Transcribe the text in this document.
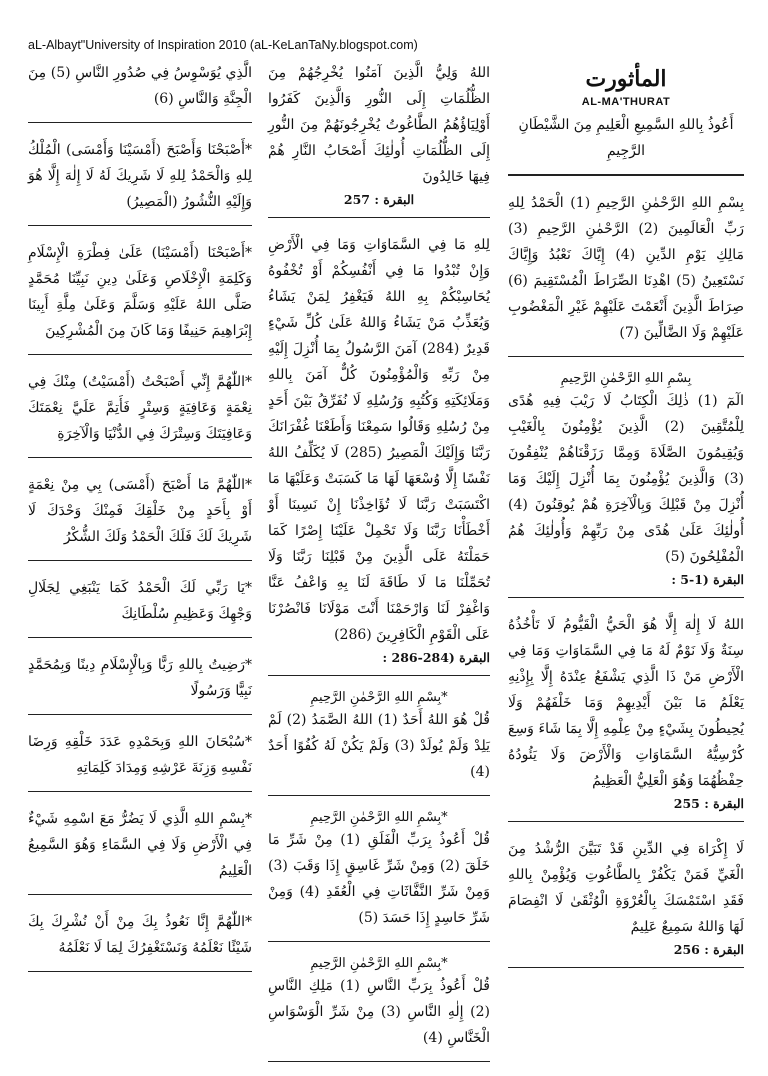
aL-Albayt"University of Inspiration 2010 (aL-KeLanTaNy.blogspot.com)
المأثورت
AL-MA'THURAT
أَعُوذُ بِاللهِ السَّمِيعِ الْعَلِيمِ مِنَ الشَّيْطَانِ الرَّجِيمِ
بِسْمِ اللهِ الرَّحْمٰنِ الرَّحِيمِ (1) الْحَمْدُ لِلهِ رَبِّ الْعَالَمِينَ (2) الرَّحْمٰنِ الرَّحِيمِ (3) مَالِكِ يَوْمِ الدِّينِ (4) إِيَّاكَ نَعْبُدُ وَإِيَّاكَ نَسْتَعِينُ (5) اهْدِنَا الصِّرَاطَ الْمُسْتَقِيمَ (6) صِرَاطَ الَّذِينَ أَنْعَمْتَ عَلَيْهِمْ غَيْرِ الْمَغْضُوبِ عَلَيْهِمْ وَلَا الضَّالِّينَ (7)
بِسْمِ اللهِ الرَّحْمٰنِ الرَّحِيمِ
الٓمٓ (1) ذٰلِكَ الْكِتَابُ لَا رَيْبَ فِيهِ هُدًى لِلْمُتَّقِينَ (2) الَّذِينَ يُؤْمِنُونَ بِالْغَيْبِ وَيُقِيمُونَ الصَّلَاةَ وَمِمَّا رَزَقْنَاهُمْ يُنْفِقُونَ (3) وَالَّذِينَ يُؤْمِنُونَ بِمَا أُنْزِلَ إِلَيْكَ وَمَا أُنْزِلَ مِنْ قَبْلِكَ وَبِالْآخِرَةِ هُمْ يُوقِنُونَ (4) أُولٰئِكَ عَلَىٰ هُدًى مِنْ رَبِّهِمْ وَأُولٰئِكَ هُمُ الْمُفْلِحُونَ (5)
البقرة (1-5 :
اللهُ لَا إِلٰهَ إِلَّا هُوَ الْحَيُّ الْقَيُّومُ لَا تَأْخُذُهُ سِنَةٌ وَلَا نَوْمٌ لَهُ مَا فِي السَّمَاوَاتِ وَمَا فِي الْأَرْضِ مَنْ ذَا الَّذِي يَشْفَعُ عِنْدَهُ إِلَّا بِإِذْنِهِ يَعْلَمُ مَا بَيْنَ أَيْدِيهِمْ وَمَا خَلْفَهُمْ وَلَا يُحِيطُونَ بِشَيْءٍ مِنْ عِلْمِهِ إِلَّا بِمَا شَاءَ وَسِعَ كُرْسِيُّهُ السَّمَاوَاتِ وَالْأَرْضَ وَلَا يَئُودُهُ حِفْظُهُمَا وَهُوَ الْعَلِيُّ الْعَظِيمُ
البقرة : 255
لَا إِكْرَاهَ فِي الدِّينِ قَدْ تَبَيَّنَ الرُّشْدُ مِنَ الْغَيِّ فَمَنْ يَكْفُرْ بِالطَّاغُوتِ وَيُؤْمِنْ بِاللهِ فَقَدِ اسْتَمْسَكَ بِالْعُرْوَةِ الْوُثْقَىٰ لَا انْفِصَامَ لَهَا وَاللهُ سَمِيعٌ عَلِيمٌ
البقرة : 256
اللهُ وَلِيُّ الَّذِينَ آمَنُوا يُخْرِجُهُمْ مِنَ الظُّلُمَاتِ إِلَى النُّورِ وَالَّذِينَ كَفَرُوا أَوْلِيَاؤُهُمُ الطَّاغُوتُ يُخْرِجُونَهُمْ مِنَ النُّورِ إِلَى الظُّلُمَاتِ أُولٰئِكَ أَصْحَابُ النَّارِ هُمْ فِيهَا خَالِدُونَ
البقرة : 257
لِلهِ مَا فِي السَّمَاوَاتِ وَمَا فِي الْأَرْضِ وَإِنْ تُبْدُوا مَا فِي أَنْفُسِكُمْ أَوْ تُخْفُوهُ يُحَاسِبْكُمْ بِهِ اللهُ فَيَغْفِرُ لِمَنْ يَشَاءُ وَيُعَذِّبُ مَنْ يَشَاءُ وَاللهُ عَلَىٰ كُلِّ شَيْءٍ قَدِيرٌ (284) آمَنَ الرَّسُولُ بِمَا أُنْزِلَ إِلَيْهِ مِنْ رَبِّهِ وَالْمُؤْمِنُونَ كُلٌّ آمَنَ بِاللهِ وَمَلَائِكَتِهِ وَكُتُبِهِ وَرُسُلِهِ لَا نُفَرِّقُ بَيْنَ أَحَدٍ مِنْ رُسُلِهِ وَقَالُوا سَمِعْنَا وَأَطَعْنَا غُفْرَانَكَ رَبَّنَا وَإِلَيْكَ الْمَصِيرُ (285) لَا يُكَلِّفُ اللهُ نَفْسًا إِلَّا وُسْعَهَا لَهَا مَا كَسَبَتْ وَعَلَيْهَا مَا اكْتَسَبَتْ رَبَّنَا لَا تُؤَاخِذْنَا إِنْ نَسِينَا أَوْ أَخْطَأْنَا رَبَّنَا وَلَا تَحْمِلْ عَلَيْنَا إِصْرًا كَمَا حَمَلْتَهُ عَلَى الَّذِينَ مِنْ قَبْلِنَا رَبَّنَا وَلَا تُحَمِّلْنَا مَا لَا طَاقَةَ لَنَا بِهِ وَاعْفُ عَنَّا وَاغْفِرْ لَنَا وَارْحَمْنَا أَنْتَ مَوْلَانَا فَانْصُرْنَا عَلَى الْقَوْمِ الْكَافِرِينَ (286)
البقرة (284-286 :
*بِسْمِ اللهِ الرَّحْمٰنِ الرَّحِيمِ
قُلْ هُوَ اللهُ أَحَدٌ (1) اللهُ الصَّمَدُ (2) لَمْ يَلِدْ وَلَمْ يُولَدْ (3) وَلَمْ يَكُنْ لَهُ كُفُوًا أَحَدٌ (4)
*بِسْمِ اللهِ الرَّحْمٰنِ الرَّحِيمِ
قُلْ أَعُوذُ بِرَبِّ الْفَلَقِ (1) مِنْ شَرِّ مَا خَلَقَ (2) وَمِنْ شَرِّ غَاسِقٍ إِذَا وَقَبَ (3) وَمِنْ شَرِّ النَّفَّاثَاتِ فِي الْعُقَدِ (4) وَمِنْ شَرِّ حَاسِدٍ إِذَا حَسَدَ (5)
*بِسْمِ اللهِ الرَّحْمٰنِ الرَّحِيمِ
قُلْ أَعُوذُ بِرَبِّ النَّاسِ (1) مَلِكِ النَّاسِ (2) إِلٰهِ النَّاسِ (3) مِنْ شَرِّ الْوَسْوَاسِ الْخَنَّاسِ (4)
الَّذِي يُوَسْوِسُ فِي صُدُورِ النَّاسِ (5) مِنَ الْجِنَّةِ وَالنَّاسِ (6)
*أَصْبَحْنَا وَأَصْبَحَ (أَمْسَيْنَا وَأَمْسَى) الْمُلْكُ لِلهِ وَالْحَمْدُ لِلهِ لَا شَرِيكَ لَهُ لَا إِلٰهَ إِلَّا هُوَ وَإِلَيْهِ النُّشُورُ (الْمَصِيرُ)
*أَصْبَحْنَا (أَمْسَيْنَا) عَلَىٰ فِطْرَةِ الْإِسْلَامِ وَكَلِمَةِ الْإِخْلَاصِ وَعَلَىٰ دِينِ نَبِيِّنَا مُحَمَّدٍ صَلَّى اللهُ عَلَيْهِ وَسَلَّمَ وَعَلَىٰ مِلَّةِ أَبِينَا إِبْرَاهِيمَ حَنِيفًا وَمَا كَانَ مِنَ الْمُشْرِكِينَ
*اللّٰهُمَّ إِنِّي أَصْبَحْتُ (أَمْسَيْتُ) مِنْكَ فِي نِعْمَةٍ وَعَافِيَةٍ وَسِتْرٍ فَأَتِمَّ عَلَيَّ نِعْمَتَكَ وَعَافِيَتَكَ وَسِتْرَكَ فِي الدُّنْيَا وَالْآخِرَةِ
*اللّٰهُمَّ مَا أَصْبَحَ (أَمْسَى) بِي مِنْ نِعْمَةٍ أَوْ بِأَحَدٍ مِنْ خَلْقِكَ فَمِنْكَ وَحْدَكَ لَا شَرِيكَ لَكَ فَلَكَ الْحَمْدُ وَلَكَ الشُّكْرُ
*يَا رَبِّي لَكَ الْحَمْدُ كَمَا يَنْبَغِي لِجَلَالِ وَجْهِكَ وَعَظِيمِ سُلْطَانِكَ
*رَضِيتُ بِاللهِ رَبًّا وَبِالْإِسْلَامِ دِينًا وَبِمُحَمَّدٍ نَبِيًّا وَرَسُولًا
*سُبْحَانَ اللهِ وَبِحَمْدِهِ عَدَدَ خَلْقِهِ وَرِضَا نَفْسِهِ وَزِنَةَ عَرْشِهِ وَمِدَادَ كَلِمَاتِهِ
*بِسْمِ اللهِ الَّذِي لَا يَضُرُّ مَعَ اسْمِهِ شَيْءٌ فِي الْأَرْضِ وَلَا فِي السَّمَاءِ وَهُوَ السَّمِيعُ الْعَلِيمُ
*اللّٰهُمَّ إِنَّا نَعُوذُ بِكَ مِنْ أَنْ نُشْرِكَ بِكَ شَيْئًا نَعْلَمُهُ وَنَسْتَغْفِرُكَ لِمَا لَا نَعْلَمُهُ
